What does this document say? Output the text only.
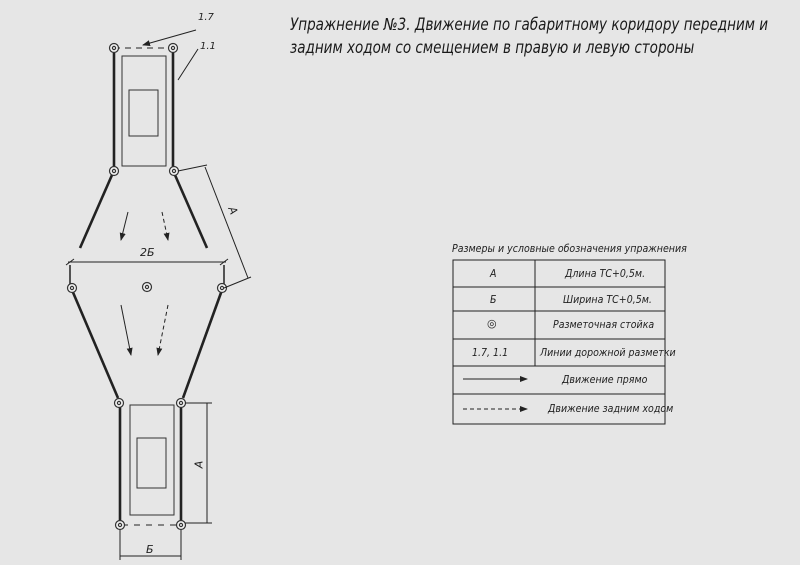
Упражнение №3. Движение по габаритному коридору передним и
задним ходом со смещением в правую и левую стороны
1.7
1.1
А
2Б
А
Б
Размеры и условные обозначения упражнения
А	Длина ТС+0,5м.
Б	Ширина ТС+0,5м.
◎	Разметочная стойка
1.7, 1.1	Линии дорожной разметки
Движение прямо
Движение задним ходом
